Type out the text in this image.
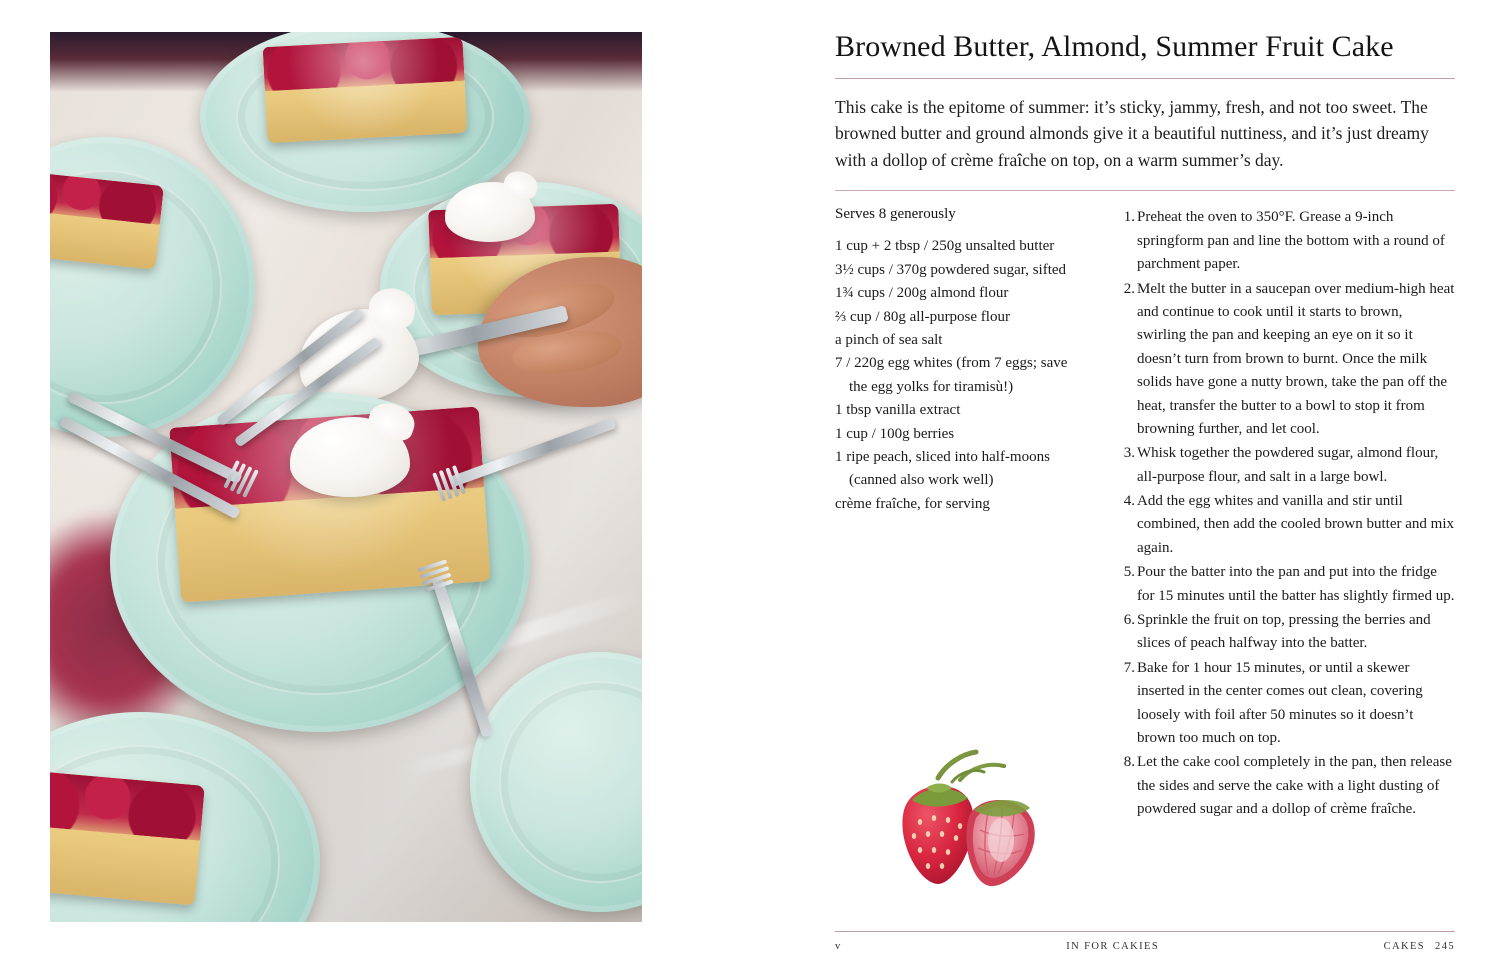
Browned Butter, Almond, Summer Fruit Cake

This cake is the epitome of summer: it’s sticky, jammy, fresh, and not too sweet. The browned butter and ground almonds give it a beautiful nuttiness, and it’s just dreamy with a dollop of crème fraîche on top, on a warm summer’s day.

Serves 8 generously
1 cup + 2 tbsp / 250g unsalted butter
3½ cups / 370g powdered sugar, sifted
1¾ cups / 200g almond flour
⅔ cup / 80g all-purpose flour
a pinch of sea salt
7 / 220g egg whites (from 7 eggs; save
the egg yolks for tiramisù!)
1 tbsp vanilla extract
1 cup / 100g berries
1 ripe peach, sliced into half-moons
(canned also work well)
crème fraîche, for serving
Preheat the oven to 350°F. Grease a 9-inch springform pan and line the bottom with a round of parchment paper.
Melt the butter in a saucepan over medium-high heat and continue to cook until it starts to brown, swirling the pan and keeping an eye on it so it doesn’t turn from brown to burnt. Once the milk solids have gone a nutty brown, take the pan off the heat, transfer the butter to a bowl to stop it from browning further, and let cool.
Whisk together the powdered sugar, almond flour, all-purpose flour, and salt in a large bowl.
Add the egg whites and vanilla and stir until combined, then add the cooled brown butter and mix again.
Pour the batter into the pan and put into the fridge for 15 minutes until the batter has slightly firmed up.
Sprinkle the fruit on top, pressing the berries and slices of peach halfway into the batter.
Bake for 1 hour 15 minutes, or until a skewer inserted in the center comes out clean, covering loosely with foil after 50 minutes so it doesn’t brown too much on top.
Let the cake cool completely in the pan, then release the sides and serve the cake with a light dusting of powdered sugar and a dollop of crème fraîche.
v	IN FOR CAKIES	CAKES 245
